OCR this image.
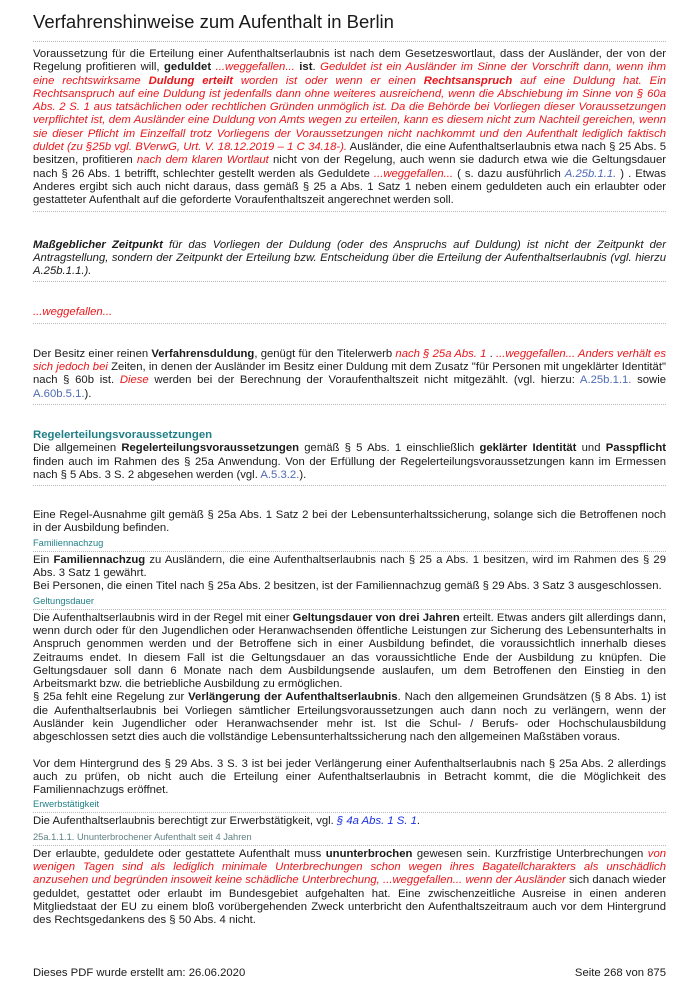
Verfahrenshinweise zum Aufenthalt in Berlin

Voraussetzung für die Erteilung einer Aufenthaltserlaubnis ist nach dem Gesetzeswortlaut, dass der Ausländer, der von der Regelung profitieren will, geduldet ...weggefallen... ist. Geduldet ist ein Ausländer im Sinne der Vorschrift dann, wenn ihm eine rechtswirksame Duldung erteilt worden ist oder wenn er einen Rechtsanspruch auf eine Duldung hat. Ein Rechtsanspruch auf eine Duldung ist jedenfalls dann ohne weiteres ausreichend, wenn die Abschiebung im Sinne von § 60a Abs. 2 S. 1 aus tatsächlichen oder rechtlichen Gründen unmöglich ist. Da die Behörde bei Vorliegen dieser Voraussetzungen verpflichtet ist, dem Ausländer eine Duldung von Amts wegen zu erteilen, kann es diesem nicht zum Nachteil gereichen, wenn sie dieser Pflicht im Einzelfall trotz Vorliegens der Voraussetzungen nicht nachkommt und den Aufenthalt lediglich faktisch duldet (zu §25b vgl. BVerwG, Urt. V. 18.12.2019 – 1 C 34.18-). Ausländer, die eine Aufenthaltserlaubnis etwa nach § 25 Abs. 5 besitzen, profitieren nach dem klaren Wortlaut nicht von der Regelung, auch wenn sie dadurch etwa wie die Geltungsdauer nach § 26 Abs. 1 betrifft, schlechter gestellt werden als Geduldete ...weggefallen... ( s. dazu ausführlich A.25b.1.1. ) . Etwas Anderes ergibt sich auch nicht daraus, dass gemäß § 25 a Abs. 1 Satz 1 neben einem geduldeten auch ein erlaubter oder gestatteter Aufenthalt auf die geforderte Voraufenthaltszeit angerechnet werden soll.

Maßgeblicher Zeitpunkt für das Vorliegen der Duldung (oder des Anspruchs auf Duldung) ist nicht der Zeitpunkt der Antragstellung, sondern der Zeitpunkt der Erteilung bzw. Entscheidung über die Erteilung der Aufenthaltserlaubnis (vgl. hierzu A.25b.1.1.).

...weggefallen...

Der Besitz einer reinen Verfahrensduldung, genügt für den Titelerwerb nach § 25a Abs. 1 . ...weggefallen... Anders verhält es sich jedoch bei Zeiten, in denen der Ausländer im Besitz einer Duldung mit dem Zusatz "für Personen mit ungeklärter Identität" nach § 60b ist. Diese werden bei der Berechnung der Voraufenthaltszeit nicht mitgezählt. (vgl. hierzu: A.25b.1.1. sowie A.60b.5.1.).

Regelerteilungsvoraussetzungen

Die allgemeinen Regelerteilungsvoraussetzungen gemäß § 5 Abs. 1 einschließlich geklärter Identität und Passpflicht finden auch im Rahmen des § 25a Anwendung. Von der Erfüllung der Regelerteilungsvoraussetzungen kann im Ermessen nach § 5 Abs. 3 S. 2 abgesehen werden (vgl. A.5.3.2.).

Eine Regel-Ausnahme gilt gemäß § 25a Abs. 1 Satz 2 bei der Lebensunterhaltssicherung, solange sich die Betroffenen noch in der Ausbildung befinden.

Familiennachzug

Ein Familiennachzug zu Ausländern, die eine Aufenthaltserlaubnis nach § 25 a Abs. 1 besitzen, wird im Rahmen des § 29 Abs. 3 Satz 1 gewährt.

Bei Personen, die einen Titel nach § 25a Abs. 2 besitzen, ist der Familiennachzug gemäß § 29 Abs. 3 Satz 3 ausgeschlossen.

Geltungsdauer

Die Aufenthaltserlaubnis wird in der Regel mit einer Geltungsdauer von drei Jahren erteilt. Etwas anders gilt allerdings dann, wenn durch oder für den Jugendlichen oder Heranwachsenden öffentliche Leistungen zur Sicherung des Lebensunterhalts in Anspruch genommen werden und der Betroffene sich in einer Ausbildung befindet, die voraussichtlich innerhalb dieses Zeitraums endet. In diesem Fall ist die Geltungsdauer an das voraussichtliche Ende der Ausbildung zu knüpfen. Die Geltungsdauer soll dann 6 Monate nach dem Ausbildungsende auslaufen, um dem Betroffenen den Einstieg in den Arbeitsmarkt bzw. die betriebliche Ausbildung zu ermöglichen.

§ 25a fehlt eine Regelung zur Verlängerung der Aufenthaltserlaubnis. Nach den allgemeinen Grundsätzen (§ 8 Abs. 1) ist die Aufenthaltserlaubnis bei Vorliegen sämtlicher Erteilungsvoraussetzungen auch dann noch zu verlängern, wenn der Ausländer kein Jugendlicher oder Heranwachsender mehr ist. Ist die Schul- / Berufs- oder Hochschulausbildung abgeschlossen setzt dies auch die vollständige Lebensunterhaltssicherung nach den allgemeinen Maßstäben voraus.

Vor dem Hintergrund des § 29 Abs. 3 S. 3 ist bei jeder Verlängerung einer Aufenthaltserlaubnis nach § 25a Abs. 2 allerdings auch zu prüfen, ob nicht auch die Erteilung einer Aufenthaltserlaubnis in Betracht kommt, die die Möglichkeit des Familiennachzugs eröffnet.

Erwerbstätigkeit

Die Aufenthaltserlaubnis berechtigt zur Erwerbstätigkeit, vgl. § 4a Abs. 1 S. 1.

25a.1.1.1. Ununterbrochener Aufenthalt seit 4 Jahren

Der erlaubte, geduldete oder gestattete Aufenthalt muss ununterbrochen gewesen sein. Kurzfristige Unterbrechungen von wenigen Tagen sind als lediglich minimale Unterbrechungen schon wegen ihres Bagatellcharakters als unschädlich anzusehen und begründen insoweit keine schädliche Unterbrechung, ...weggefallen... wenn der Ausländer sich danach wieder geduldet, gestattet oder erlaubt im Bundesgebiet aufgehalten hat. Eine zwischenzeitliche Ausreise in einen anderen Mitgliedstaat der EU zu einem bloß vorübergehenden Zweck unterbricht den Aufenthaltszeitraum auch vor dem Hintergrund des Rechtsgedankens des § 50 Abs. 4 nicht.

Dieses PDF wurde erstellt am: 26.06.2020	Seite 268 von 875
